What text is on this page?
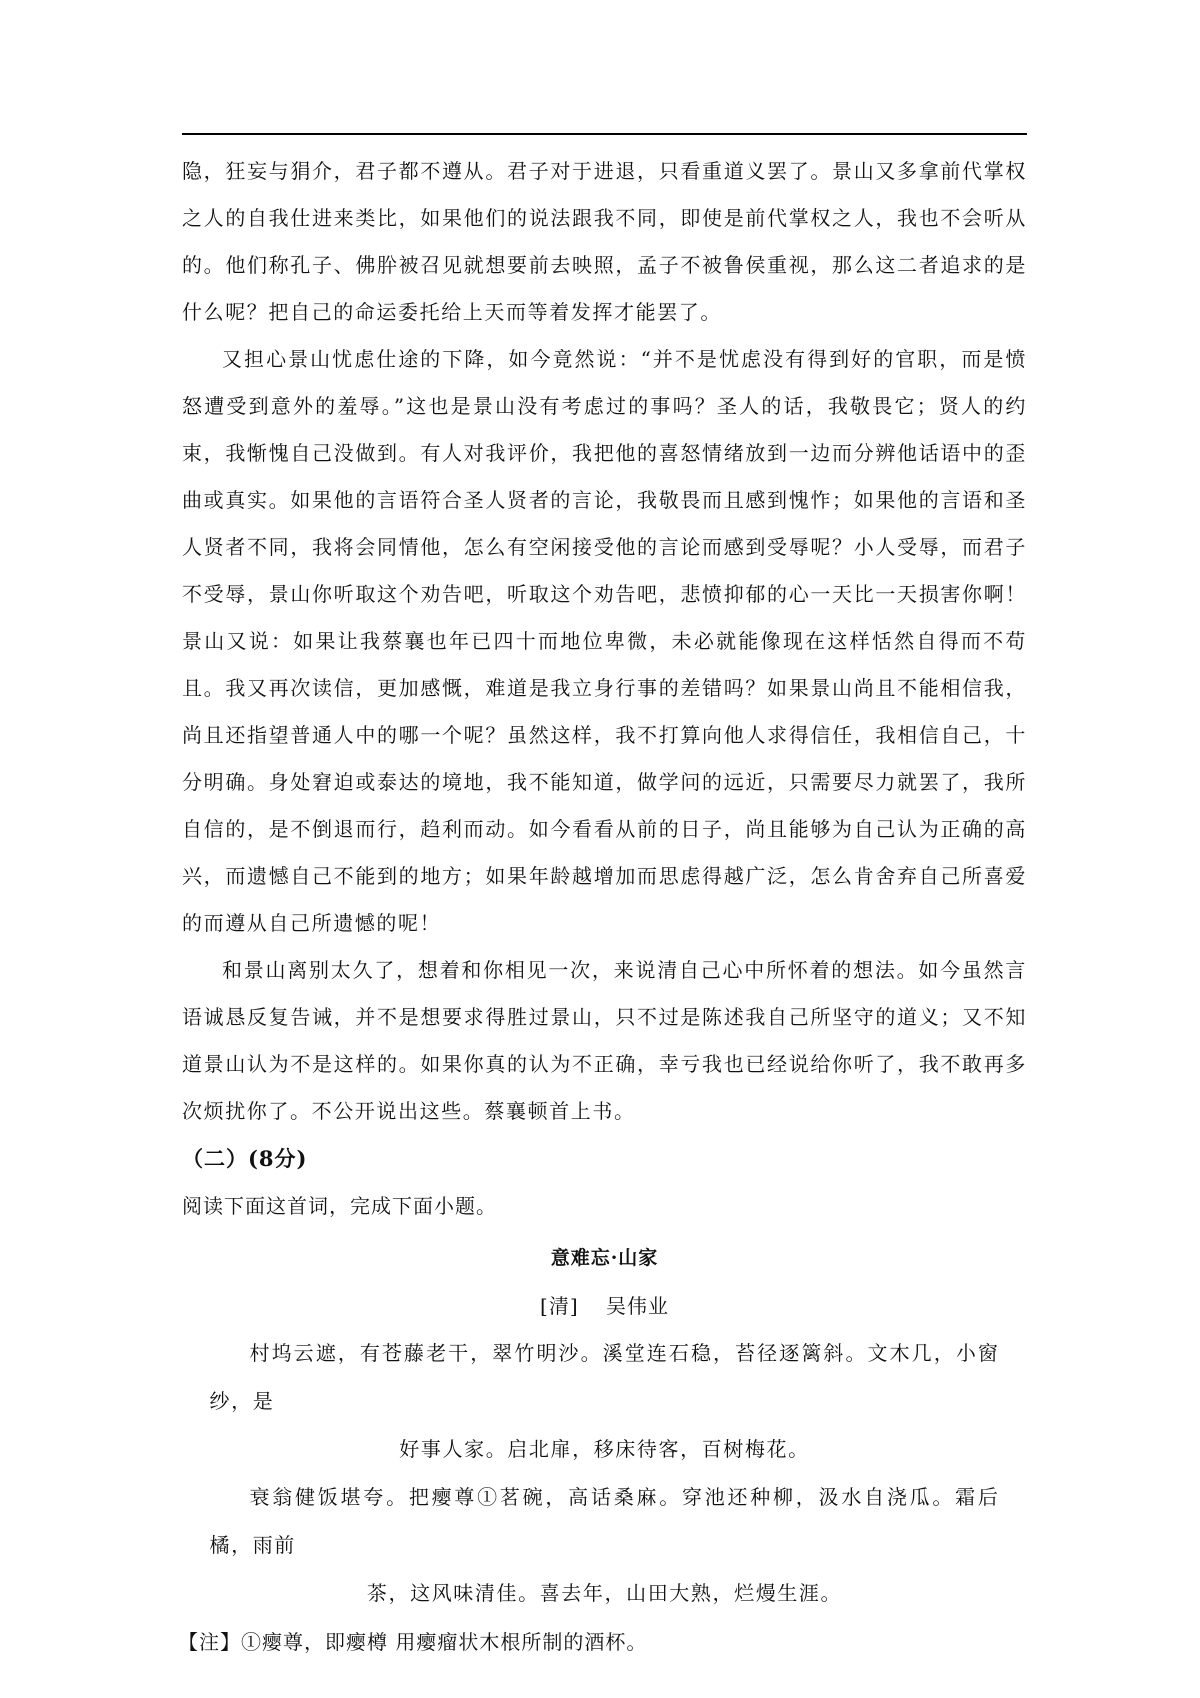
隐，狂妄与狷介，君子都不遵从。君子对于进退，只看重道义罢了。景山又多拿前代掌权之人的自我仕进来类比，如果他们的说法跟我不同，即使是前代掌权之人，我也不会听从的。他们称孔子、佛肸被召见就想要前去映照，孟子不被鲁侯重视，那么这二者追求的是什么呢？把自己的命运委托给上天而等着发挥才能罢了。

又担心景山忧虑仕途的下降，如今竟然说：“并不是忧虑没有得到好的官职，而是愤怒遭受到意外的羞辱。”这也是景山没有考虑过的事吗？圣人的话，我敬畏它；贤人的约束，我惭愧自己没做到。有人对我评价，我把他的喜怒情绪放到一边而分辨他话语中的歪曲或真实。如果他的言语符合圣人贤者的言论，我敬畏而且感到愧怍；如果他的言语和圣人贤者不同，我将会同情他，怎么有空闲接受他的言论而感到受辱呢？小人受辱，而君子不受辱，景山你听取这个劝告吧，听取这个劝告吧，悲愤抑郁的心一天比一天损害你啊！景山又说：如果让我蔡襄也年已四十而地位卑微，未必就能像现在这样恬然自得而不苟且。我又再次读信，更加感慨，难道是我立身行事的差错吗？如果景山尚且不能相信我，尚且还指望普通人中的哪一个呢？虽然这样，我不打算向他人求得信任，我相信自己，十分明确。身处窘迫或泰达的境地，我不能知道，做学问的远近，只需要尽力就罢了，我所自信的，是不倒退而行，趋利而动。如今看看从前的日子，尚且能够为自己认为正确的高兴，而遗憾自己不能到的地方；如果年龄越增加而思虑得越广泛，怎么肯舍弃自己所喜爱的而遵从自己所遗憾的呢！

和景山离别太久了，想着和你相见一次，来说清自己心中所怀着的想法。如今虽然言语诚恳反复告诫，并不是想要求得胜过景山，只不过是陈述我自己所坚守的道义；又不知道景山认为不是这样的。如果你真的认为不正确，幸亏我也已经说给你听了，我不敢再多次烦扰你了。不公开说出这些。蔡襄顿首上书。

（二）(8分)
阅读下面这首词，完成下面小题。
意难忘·山家
[清] 吴伟业

村坞云遮，有苍藤老干，翠竹明沙。溪堂连石稳，苔径逐篱斜。文木几，小窗纱，是

好事人家。启北扉，移床待客，百树梅花。

衰翁健饭堪夸。把瘿尊①茗碗，高话桑麻。穿池还种柳，汲水自浇瓜。霜后橘，雨前

茶，这风味清佳。喜去年，山田大熟，烂熳生涯。

【注】①瘿尊，即瘿樽 用瘿瘤状木根所制的酒杯。
